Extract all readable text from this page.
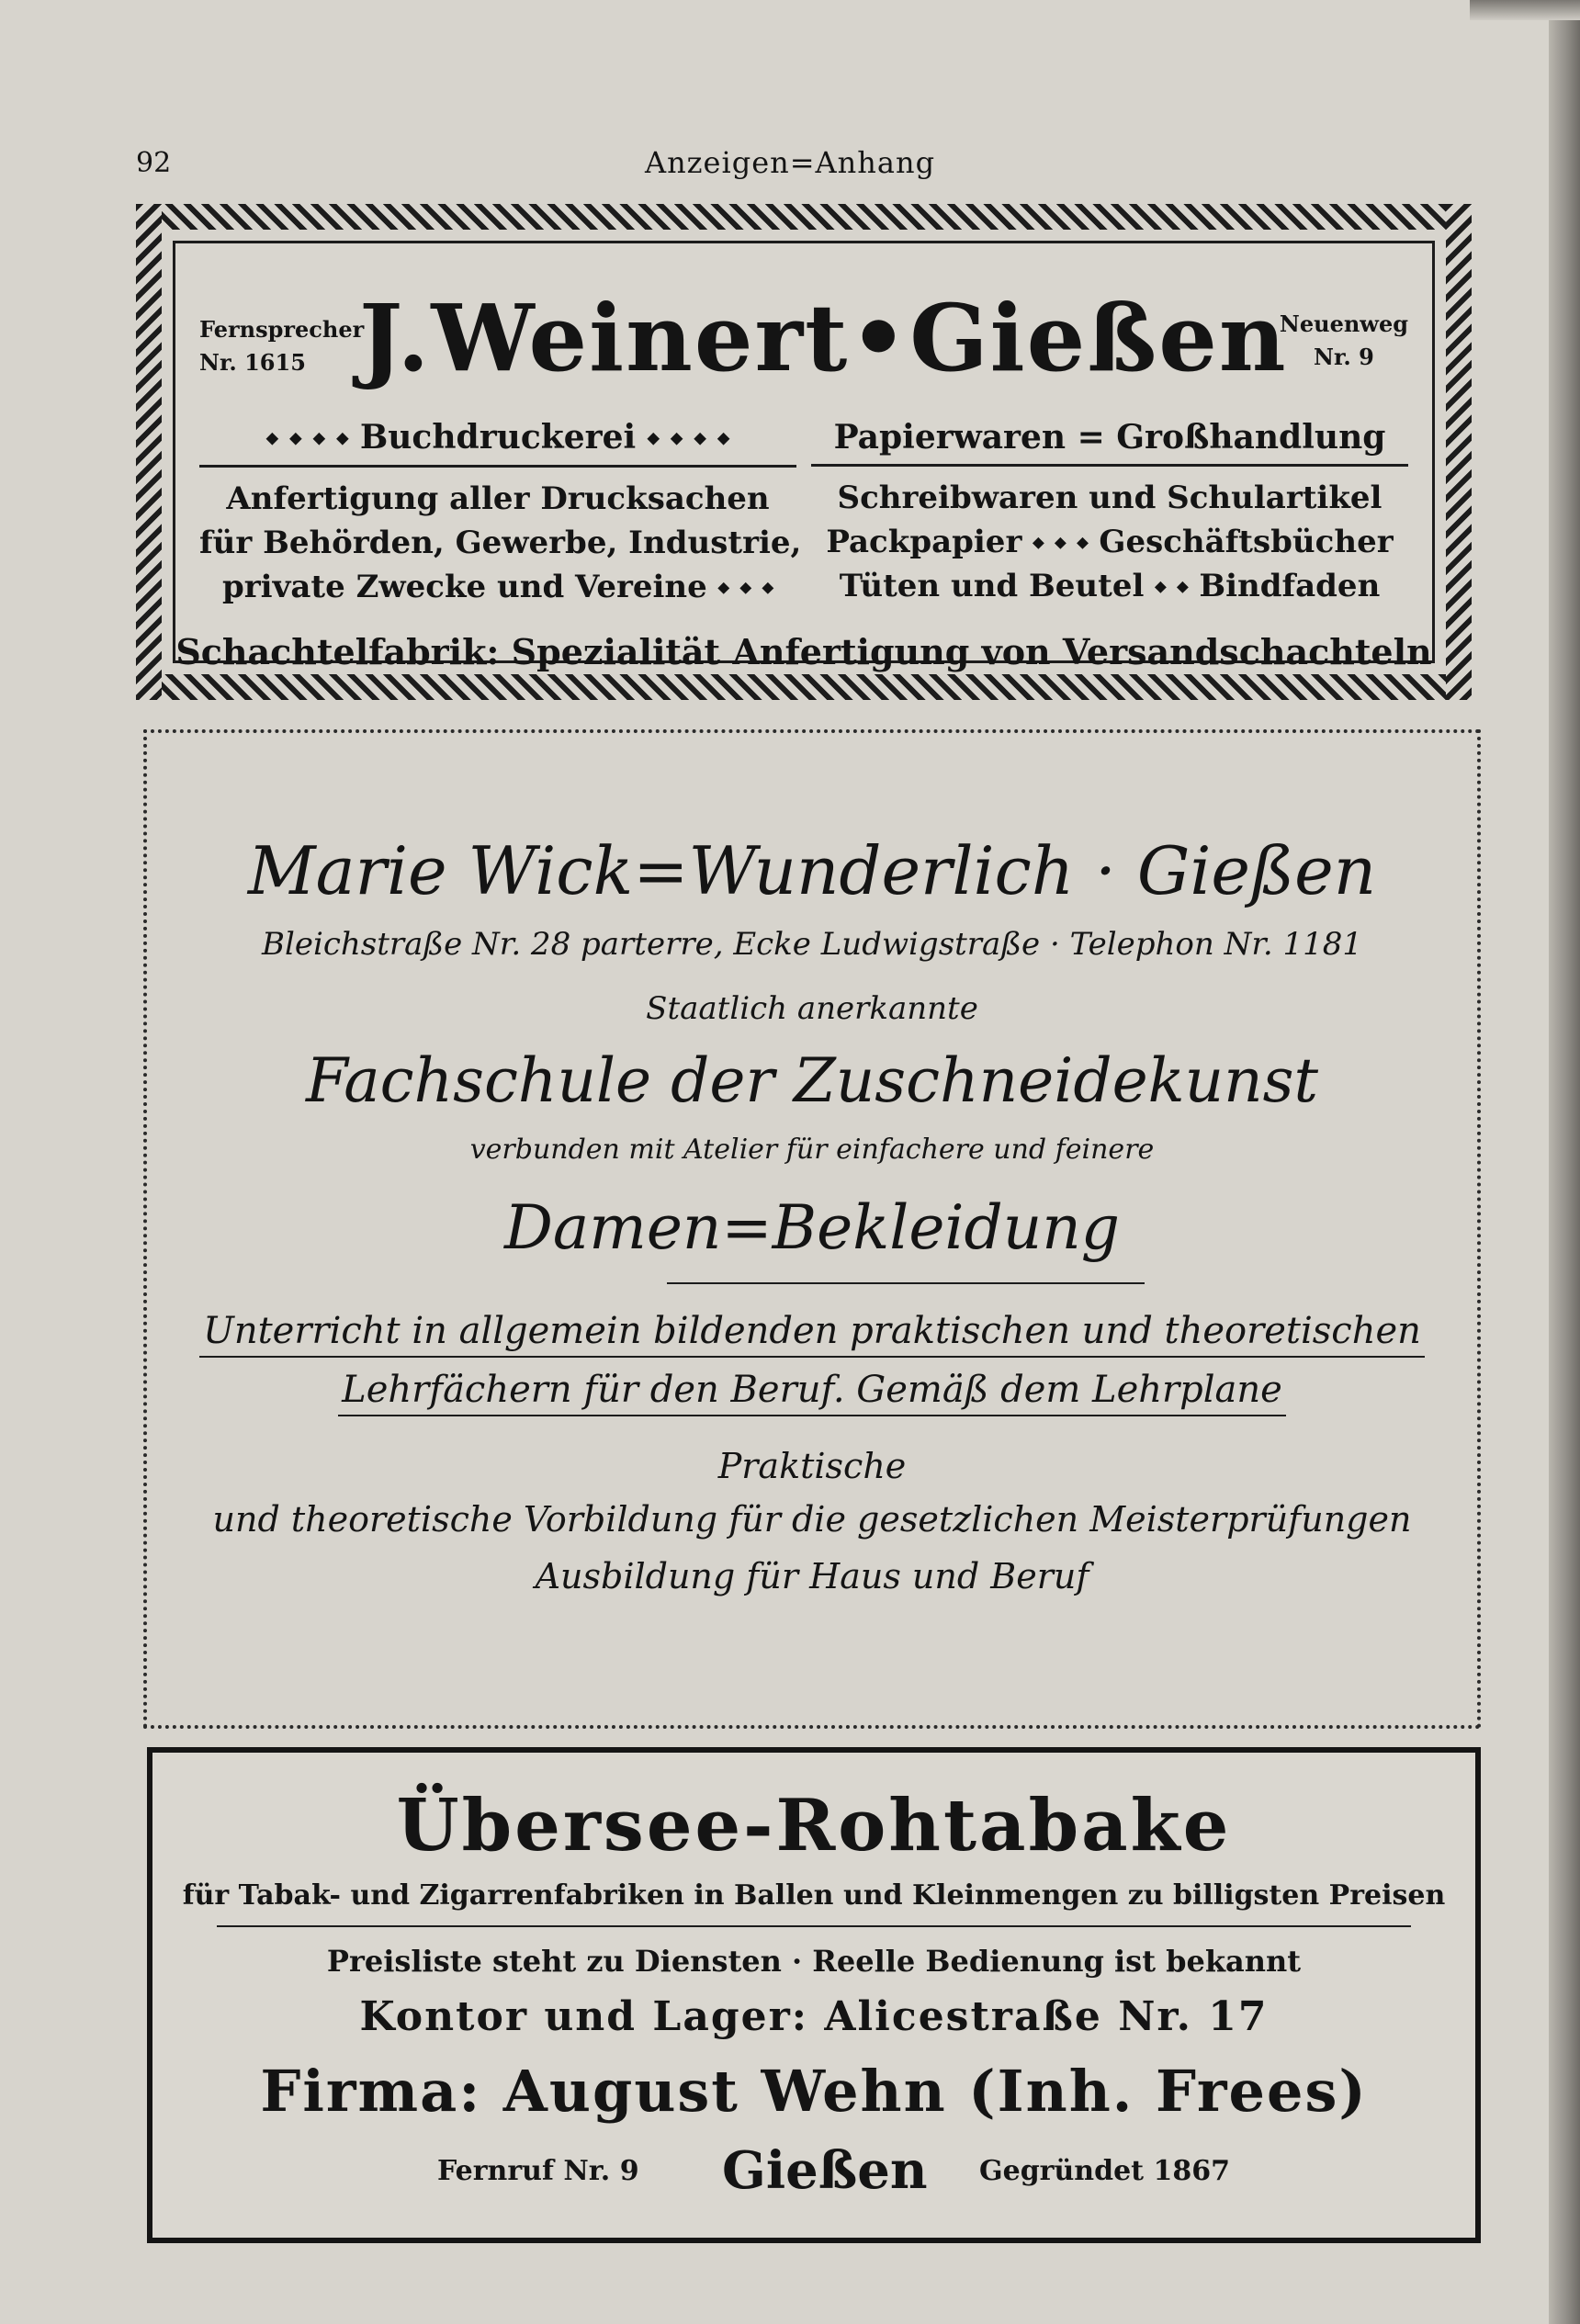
92	Anzeigen=Anhang
Fernsprecher
Nr. 1615 J.Weinert•Gießen
Neuenweg
Nr. 9
⬩ ⬩ ⬩ ⬩ Buchdruckerei ⬩ ⬩ ⬩ ⬩
Anfertigung aller Drucksachen
für Behörden, Gewerbe, Industrie,
private Zwecke und Vereine ⬩ ⬩ ⬩
Papierwaren = Großhandlung
Schreibwaren und Schulartikel
Packpapier ⬩ ⬩ ⬩ Geschäftsbücher
Tüten und Beutel ⬩ ⬩ Bindfaden
Schachtelfabrik: Spezialität Anfertigung von Versandschachteln
Marie Wick=Wunderlich · Gießen
Bleichstraße Nr. 28 parterre, Ecke Ludwigstraße · Telephon Nr. 1181
Staatlich anerkannte
Fachschule der Zuschneidekunst
verbunden mit Atelier für einfachere und feinere
Damen=Bekleidung
Unterricht in allgemein bildenden praktischen und theoretischen
Lehrfächern für den Beruf. Gemäß dem Lehrplane
Praktische
und theoretische Vorbildung für die gesetzlichen Meisterprüfungen
Ausbildung für Haus und Beruf
Übersee-Rohtabake
für Tabak- und Zigarrenfabriken in Ballen und Kleinmengen zu billigsten Preisen
Preisliste steht zu Diensten · Reelle Bedienung ist bekannt
Kontor und Lager: Alicestraße Nr. 17
Firma: August Wehn (Inh. Frees)
Fernruf Nr. 9 Gießen Gegründet 1867
